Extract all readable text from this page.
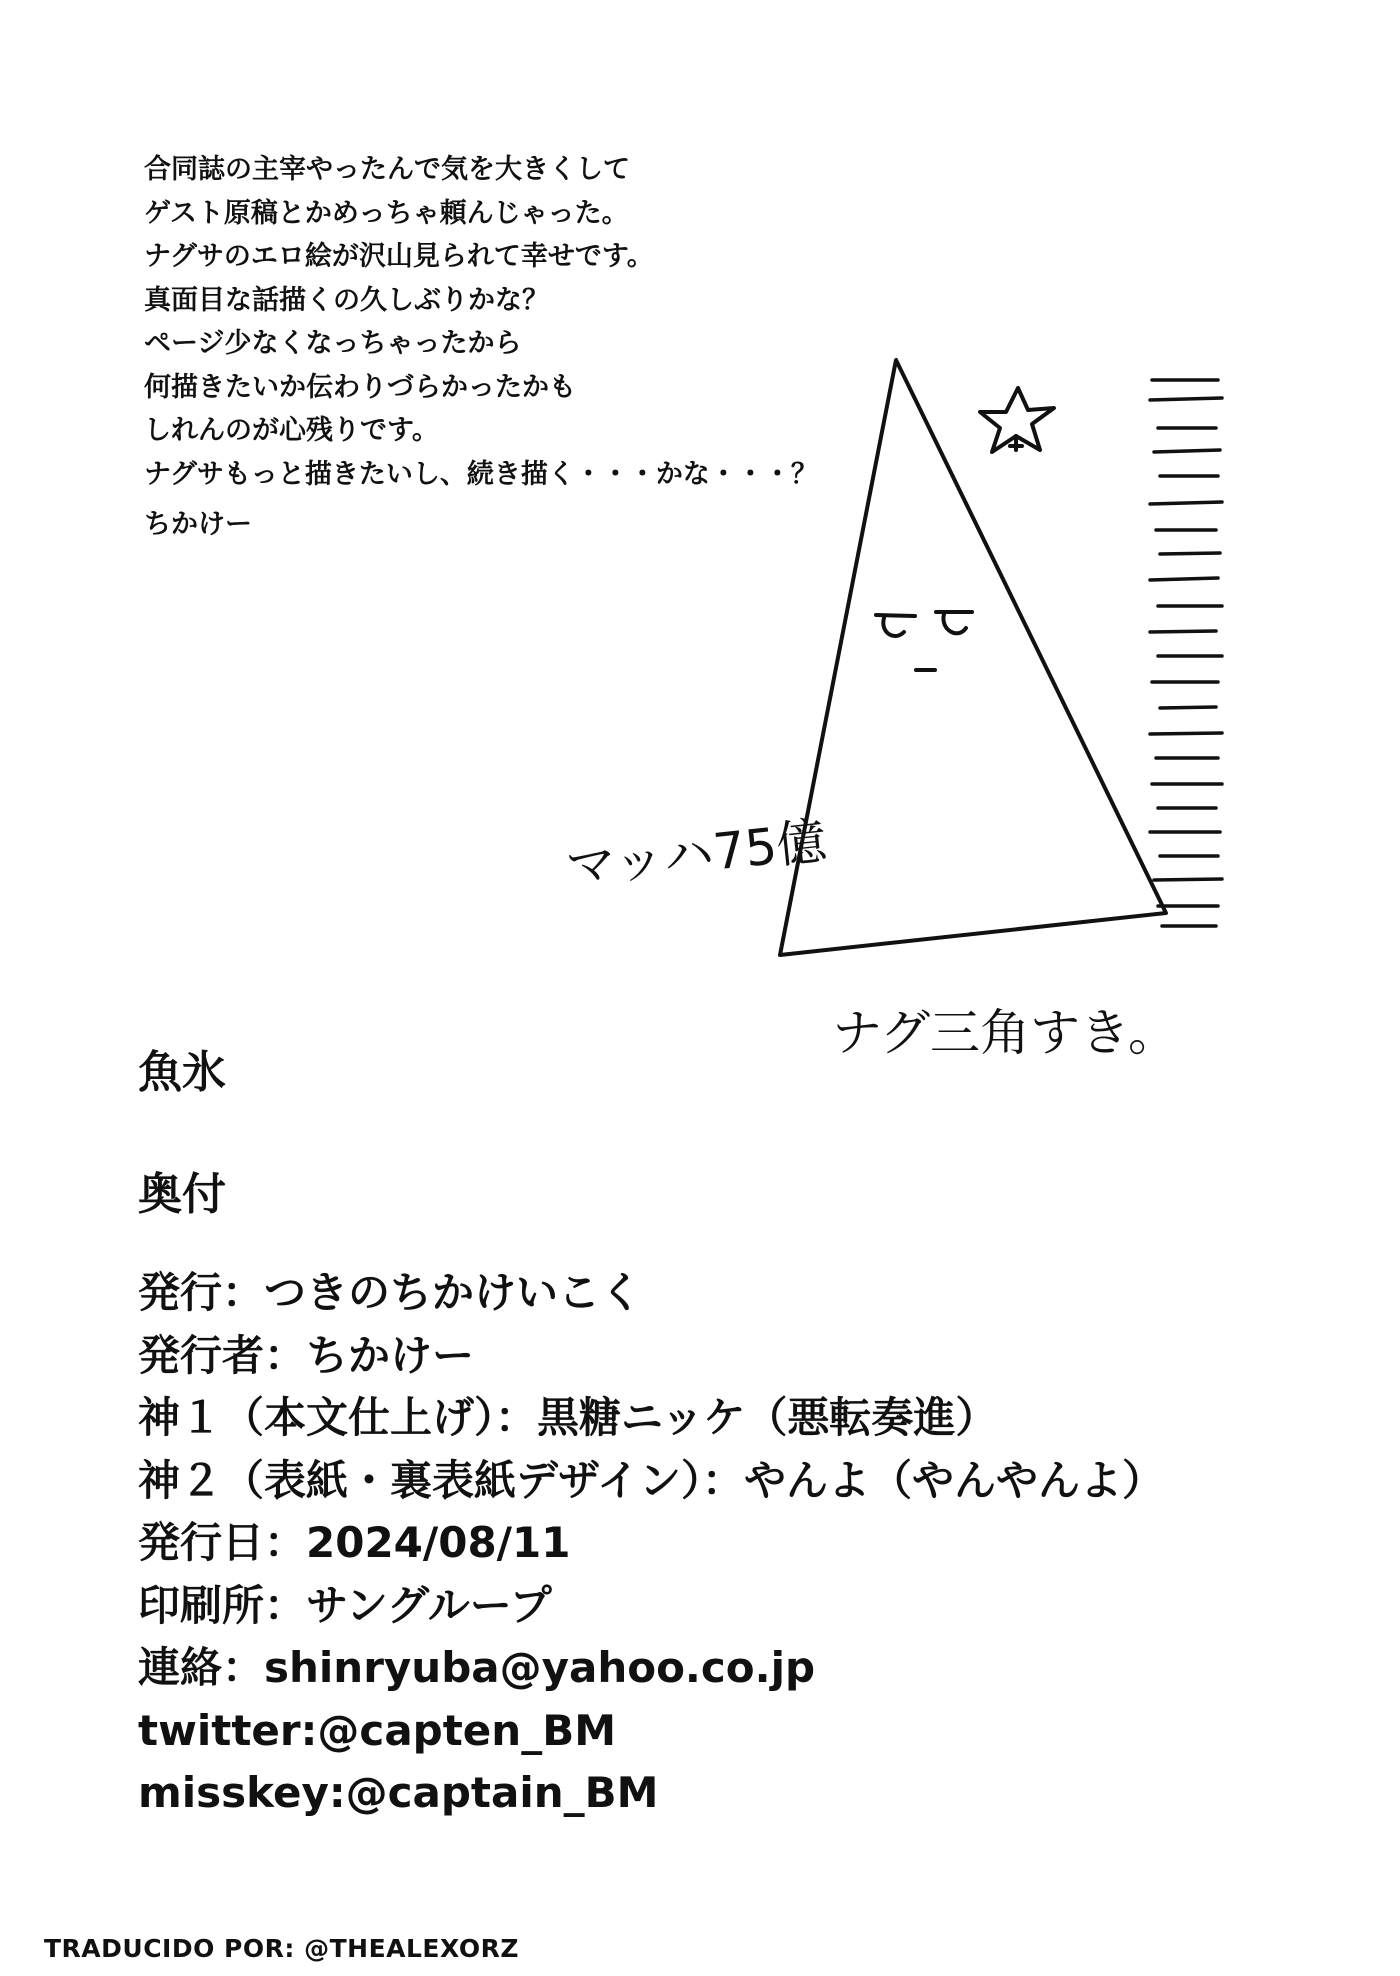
合同誌の主宰やったんで気を大きくして
ゲスト原稿とかめっちゃ頼んじゃった。
ナグサのエロ絵が沢山見られて幸せです。
真面目な話描くの久しぶりかな？
ページ少なくなっちゃったから
何描きたいか伝わりづらかったかも
しれんのが心残りです。
ナグサもっと描きたいし、続き描く・・・かな・・・？
ちかけー
マッハ75億
ナグ三角すき。
魚氷
奥付
発行：つきのちかけいこく
発行者：ちかけー
神１（本文仕上げ）：黒糖ニッケ（悪転奏進）
神２（表紙・裏表紙デザイン）：やんよ（やんやんよ）
発行日：2024/08/11
印刷所：サングループ
連絡：shinryuba@yahoo.co.jp
twitter:@capten_BM
misskey:@captain_BM
TRADUCIDO POR: @THEALEXORZ
